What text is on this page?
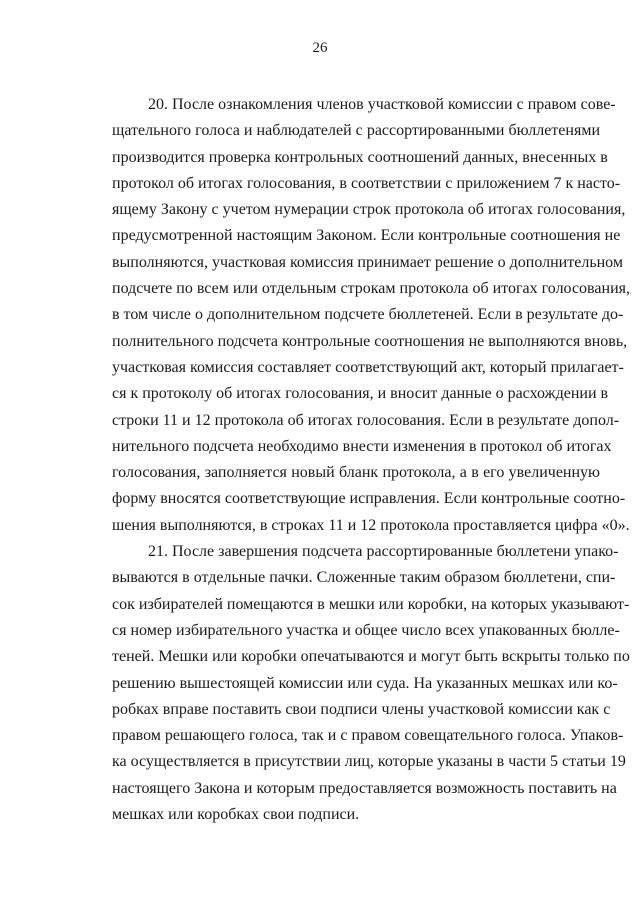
26
20. После ознакомления членов участковой комиссии с правом сове-
щательного голоса и наблюдателей с рассортированными бюллетенями
производится проверка контрольных соотношений данных, внесенных в
протокол об итогах голосования, в соответствии с приложением 7 к насто-
ящему Закону с учетом нумерации строк протокола об итогах голосования,
предусмотренной настоящим Законом. Если контрольные соотношения не
выполняются, участковая комиссия принимает решение о дополнительном
подсчете по всем или отдельным строкам протокола об итогах голосования,
в том числе о дополнительном подсчете бюллетеней. Если в результате до-
полнительного подсчета контрольные соотношения не выполняются вновь,
участковая комиссия составляет соответствующий акт, который прилагает-
ся к протоколу об итогах голосования, и вносит данные о расхождении в
строки 11 и 12 протокола об итогах голосования. Если в результате допол-
нительного подсчета необходимо внести изменения в протокол об итогах
голосования, заполняется новый бланк протокола, а в его увеличенную
форму вносятся соответствующие исправления. Если контрольные соотно-
шения выполняются, в строках 11 и 12 протокола проставляется цифра «0».
21. После завершения подсчета рассортированные бюллетени упако-
вываются в отдельные пачки. Сложенные таким образом бюллетени, спи-
сок избирателей помещаются в мешки или коробки, на которых указывают-
ся номер избирательного участка и общее число всех упакованных бюлле-
теней. Мешки или коробки опечатываются и могут быть вскрыты только по
решению вышестоящей комиссии или суда. На указанных мешках или ко-
робках вправе поставить свои подписи члены участковой комиссии как с
правом решающего голоса, так и с правом совещательного голоса. Упаков-
ка осуществляется в присутствии лиц, которые указаны в части 5 статьи 19
настоящего Закона и которым предоставляется возможность поставить на
мешках или коробках свои подписи.
